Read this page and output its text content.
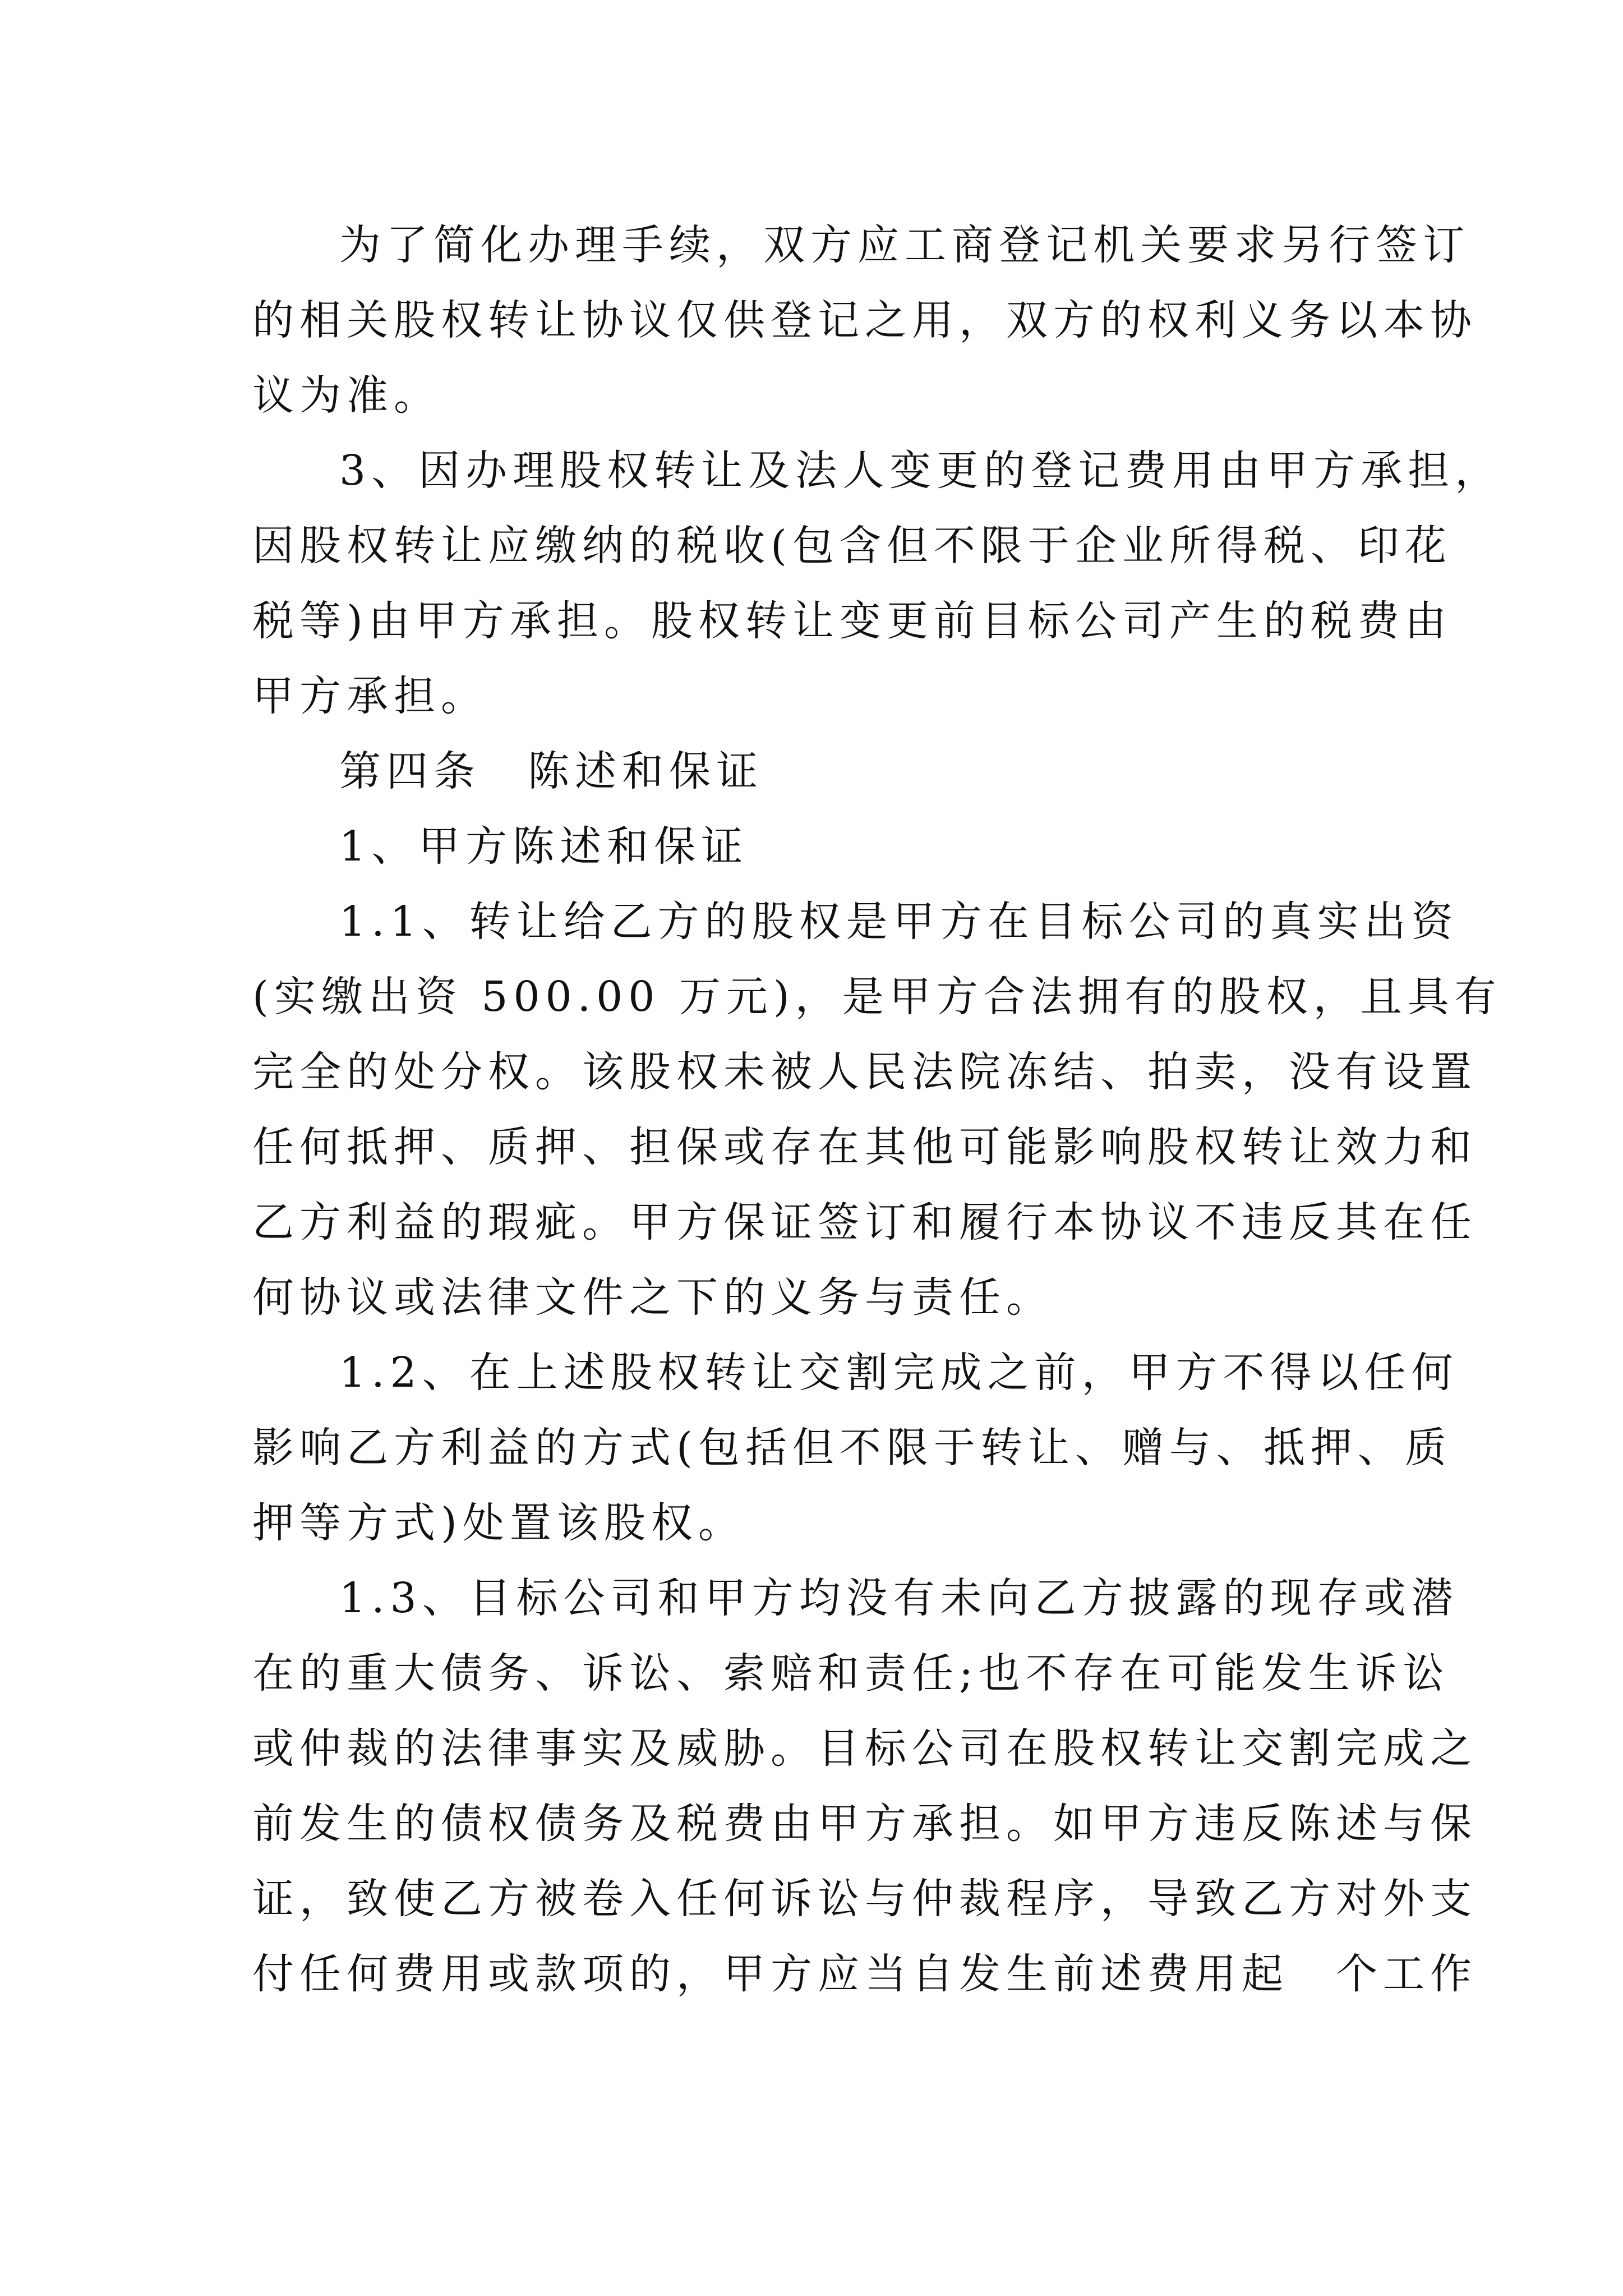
为了简化办理手续，双方应工商登记机关要求另行签订
的相关股权转让协议仅供登记之用，双方的权利义务以本协
议为准。
3、因办理股权转让及法人变更的登记费用由甲方承担，
因股权转让应缴纳的税收(包含但不限于企业所得税、印花
税等)由甲方承担。股权转让变更前目标公司产生的税费由
甲方承担。
第四条　陈述和保证
1、甲方陈述和保证
1.1、转让给乙方的股权是甲方在目标公司的真实出资
(实缴出资 500.00 万元)，是甲方合法拥有的股权，且具有
完全的处分权。该股权未被人民法院冻结、拍卖，没有设置
任何抵押、质押、担保或存在其他可能影响股权转让效力和
乙方利益的瑕疵。甲方保证签订和履行本协议不违反其在任
何协议或法律文件之下的义务与责任。
1.2、在上述股权转让交割完成之前，甲方不得以任何
影响乙方利益的方式(包括但不限于转让、赠与、抵押、质
押等方式)处置该股权。
1.3、目标公司和甲方均没有未向乙方披露的现存或潜
在的重大债务、诉讼、索赔和责任;也不存在可能发生诉讼
或仲裁的法律事实及威胁。目标公司在股权转让交割完成之
前发生的债权债务及税费由甲方承担。如甲方违反陈述与保
证，致使乙方被卷入任何诉讼与仲裁程序，导致乙方对外支
付任何费用或款项的，甲方应当自发生前述费用起　个工作
